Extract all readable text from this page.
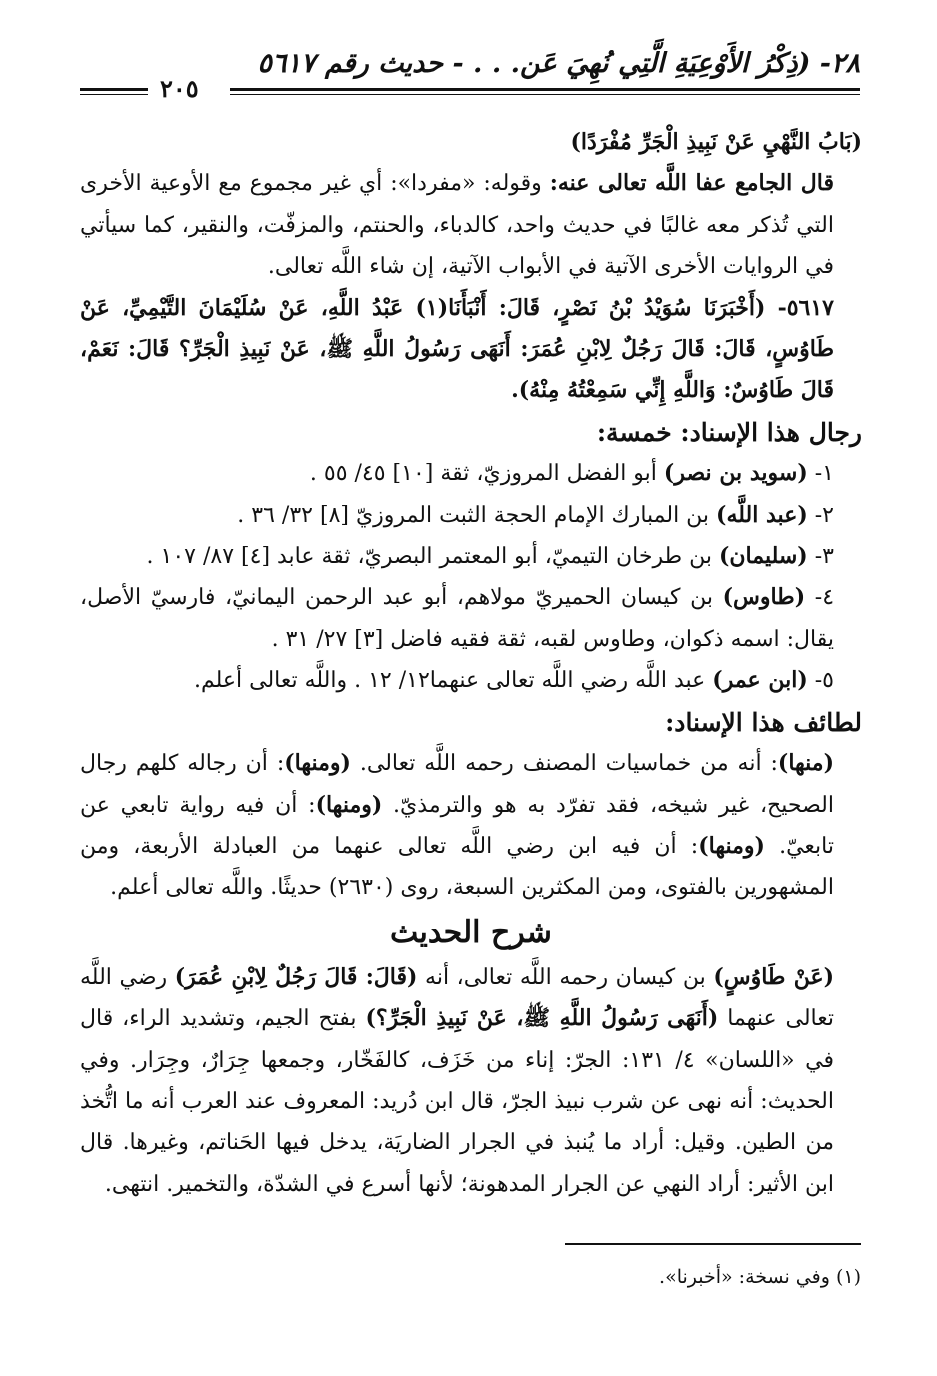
٢٨- (ذِكْرُ الأَوْعِيَةِ الَّتِي نُهِيَ عَن. . . - حديث رقم ٥٦١٧
٢٠٥

(بَابُ النَّهْيِ عَنْ نَبِيذِ الْجَرِّ مُفْرَدًا)

قال الجامع عفا اللَّه تعالى عنه: وقوله: «مفردا»: أي غير مجموع مع الأوعية الأخرى التي تُذكر معه غالبًا في حديث واحد، كالدباء، والحنتم، والمزفّت، والنقير، كما سيأتي في الروايات الأخرى الآتية في الأبواب الآتية، إن شاء اللَّه تعالى.

٥٦١٧- (أَخْبَرَنَا سُوَيْدُ بْنُ نَصْرٍ، قَالَ: أَنْبَأَنَا(١) عَبْدُ اللَّهِ، عَنْ سُلَيْمَانَ التَّيْمِيِّ، عَنْ طَاوُسٍ، قَالَ: قَالَ رَجُلٌ لِابْنِ عُمَرَ: أَنَهَى رَسُولُ اللَّهِ ﷺ، عَنْ نَبِيذِ الْجَرِّ؟ قَالَ: نَعَمْ، قَالَ طَاوُسٌ: وَاللَّهِ إِنِّي سَمِعْتُهُ مِنْهُ).

رجال هذا الإسناد: خمسة:

١- (سويد بن نصر) أبو الفضل المروزيّ، ثقة [١٠] ٤٥/ ٥٥ .

٢- (عبد اللَّه) بن المبارك الإمام الحجة الثبت المروزيّ [٨] ٣٢/ ٣٦ .

٣- (سليمان) بن طرخان التيميّ، أبو المعتمر البصريّ، ثقة عابد [٤] ٨٧/ ١٠٧ .

٤- (طاوس) بن كيسان الحميريّ مولاهم، أبو عبد الرحمن اليمانيّ، فارسيّ الأصل، يقال: اسمه ذكوان، وطاوس لقبه، ثقة فقيه فاضل [٣] ٢٧/ ٣١ .

٥- (ابن عمر) عبد اللَّه رضي اللَّه تعالى عنهما١٢/ ١٢ . واللَّه تعالى أعلم.

لطائف هذا الإسناد:

(منها): أنه من خماسيات المصنف رحمه اللَّه تعالى. (ومنها): أن رجاله كلهم رجال الصحيح، غير شيخه، فقد تفرّد به هو والترمذيّ. (ومنها): أن فيه رواية تابعي عن تابعيّ. (ومنها): أن فيه ابن رضي اللَّه تعالى عنهما من العبادلة الأربعة، ومن المشهورين بالفتوى، ومن المكثرين السبعة، روى (٢٦٣٠) حديثًا. واللَّه تعالى أعلم.

شرح الحديث

(عَنْ طَاوُسٍ) بن كيسان رحمه اللَّه تعالى، أنه (قَالَ: قَالَ رَجُلٌ لِابْنِ عُمَرَ) رضي اللَّه تعالى عنهما (أَنَهَى رَسُولُ اللَّهِ ﷺ، عَنْ نَبِيذِ الْجَرِّ؟) بفتح الجيم، وتشديد الراء، قال في «اللسان» ٤/ ١٣١: الجرّ: إناء من خَزَف، كالفَخّار، وجمعها جِرَارٌ، وجِرَار. وفي الحديث: أنه نهى عن شرب نبيذ الجرّ، قال ابن دُريد: المعروف عند العرب أنه ما اتُّخذ من الطين. وقيل: أراد ما يُنبذ في الجرار الضاريَة، يدخل فيها الحَناتم، وغيرها. قال ابن الأثير: أراد النهي عن الجرار المدهونة؛ لأنها أسرع في الشدّة، والتخمير. انتهى.

(١) وفي نسخة: «أخبرنا».
